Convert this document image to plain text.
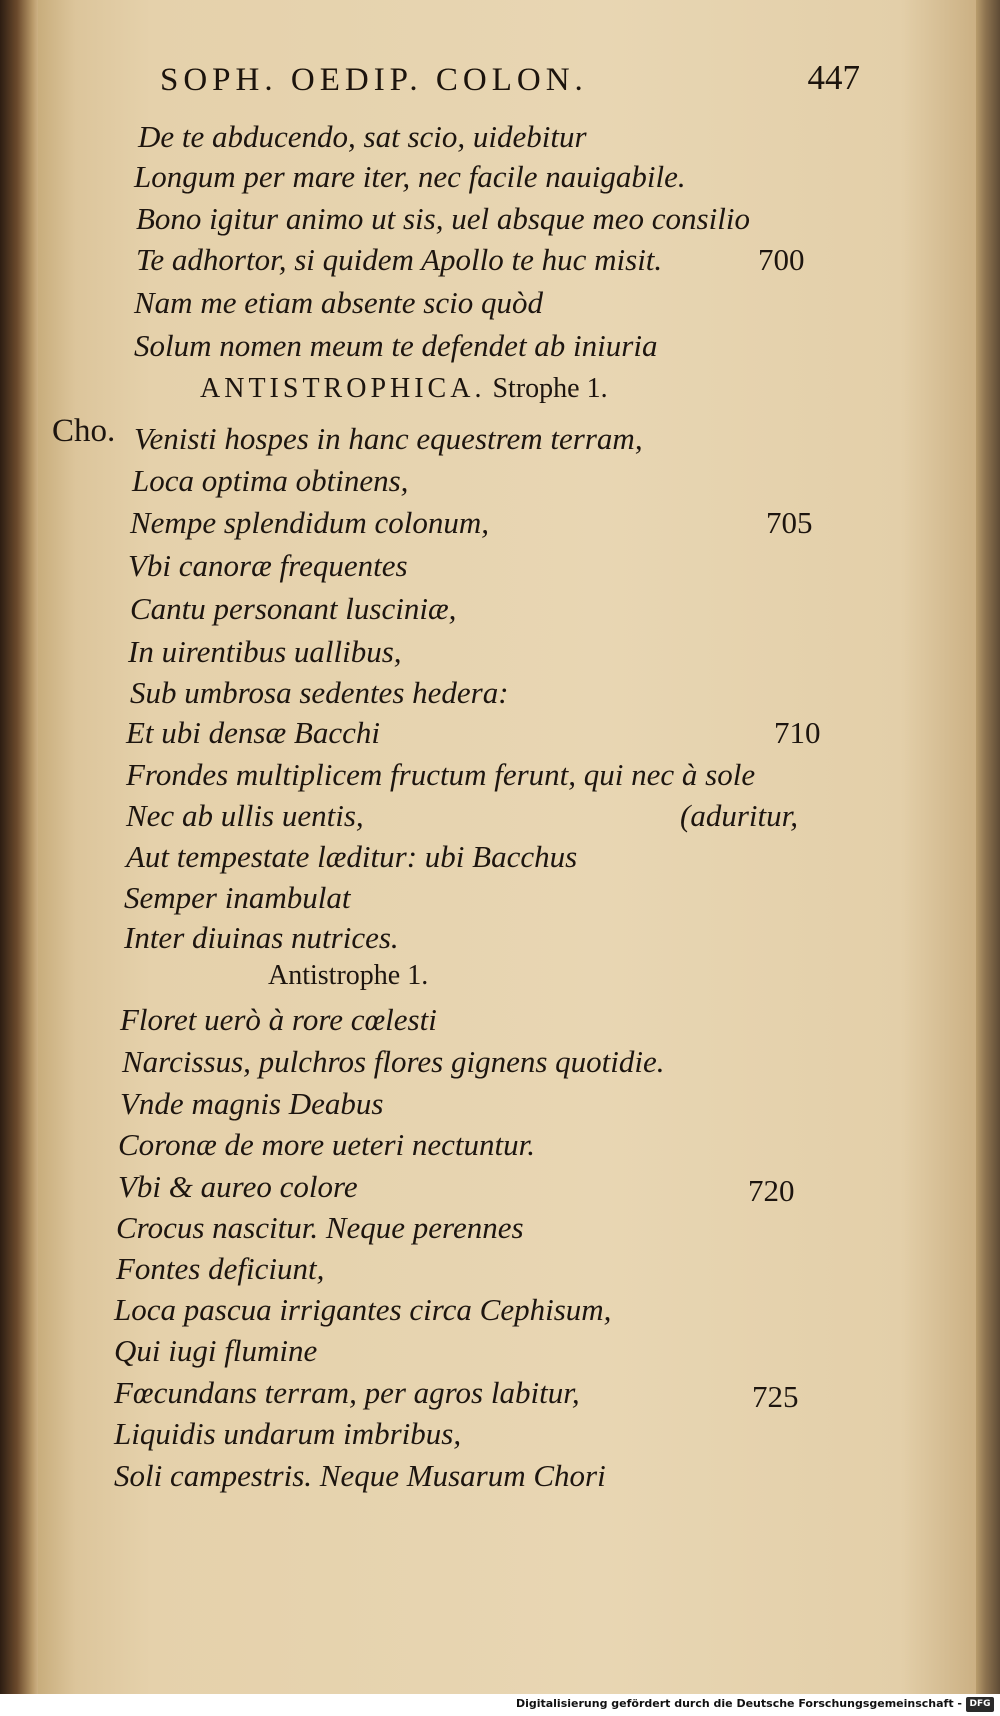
SOPH. OEDIP. COLON.	447
De te abducendo, sat scio, uidebitur
Longum per mare iter, nec facile nauigabile.
Bono igitur animo ut sis, uel absque meo consilio
Te adhortor, si quidem Apollo te huc misit.	700
Nam me etiam absente scio quòd
Solum nomen meum te defendet ab iniuria
ANTISTROPHICA. Strophe 1.
Cho. Venisti hospes in hanc equestrem terram,
Loca optima obtinens,
Nempe splendidum colonum,	705
Vbi canoræ frequentes
Cantu personant lusciniæ,
In uirentibus uallibus,
Sub umbrosa sedentes hedera:
Et ubi densæ Bacchi	710
Frondes multiplicem fructum ferunt, qui nec à sole
Nec ab ullis uentis,	(aduritur,
Aut tempestate læditur: ubi Bacchus
Semper inambulat
Inter diuinas nutrices.
Antistrophe 1.
Floret uerò à rore cœlesti
Narcissus, pulchros flores gignens quotidie.
Vnde magnis Deabus
Coronæ de more ueteri nectuntur.
Vbi & aureo colore	720
Crocus nascitur. Neque perennes
Fontes deficiunt,
Loca pascua irrigantes circa Cephisum,
Qui iugi flumine
Fœcundans terram, per agros labitur,	725
Liquidis undarum imbribus,
Soli campestris. Neque Musarum Chori
Digitalisierung gefördert durch die Deutsche Forschungsgemeinschaft - DFG
